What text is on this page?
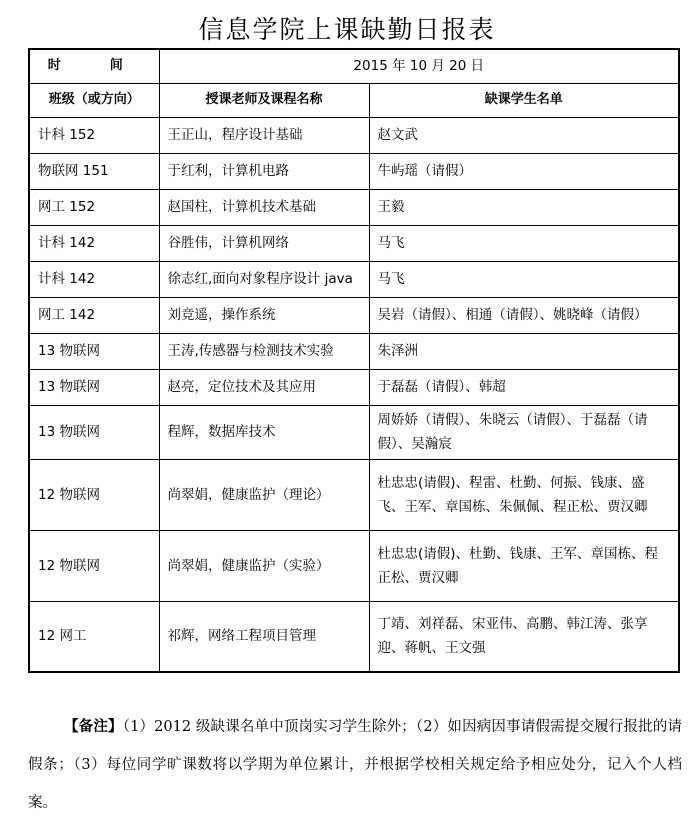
信息学院上课缺勤日报表
时　间	2015 年 10 月 20 日	
班级（或方向）	授课老师及课程名称	缺课学生名单
计科 152	王正山，程序设计基础	赵文武
物联网 151	于红利，计算机电路	牛屿瑶（请假）
网工 152	赵国柱，计算机技术基础	王毅
计科 142	谷胜伟，计算机网络	马飞
计科 142	徐志红,面向对象程序设计 java	马飞
网工 142	刘竞遥，操作系统	吴岩（请假）、相通（请假）、姚晓峰（请假）
13 物联网	王涛,传感器与检测技术实验	朱泽洲
13 物联网	赵亮，定位技术及其应用	于磊磊（请假）、韩超
13 物联网	程辉，数据库技术	周娇娇（请假）、朱晓云（请假）、于磊磊（请假）、吴瀚宸
12 物联网	尚翠娟，健康监护（理论）	杜忠忠(请假)、程雷、杜勤、何振、钱康、盛飞、王军、章国栋、朱佩佩、程正松、贾汉卿
12 物联网	尚翠娟，健康监护（实验）	杜忠忠(请假)、杜勤、钱康、王军、章国栋、程正松、贾汉卿
12 网工	祁辉，网络工程项目管理	丁靖、刘祥磊、宋亚伟、高鹏、韩江涛、张享迎、蒋帆、王文强
【备注】（1）2012 级缺课名单中顶岗实习学生除外；（2）如因病因事请假需提交履行报批的请假条；（3）每位同学旷课数将以学期为单位累计，并根据学校相关规定给予相应处分，记入个人档案。
